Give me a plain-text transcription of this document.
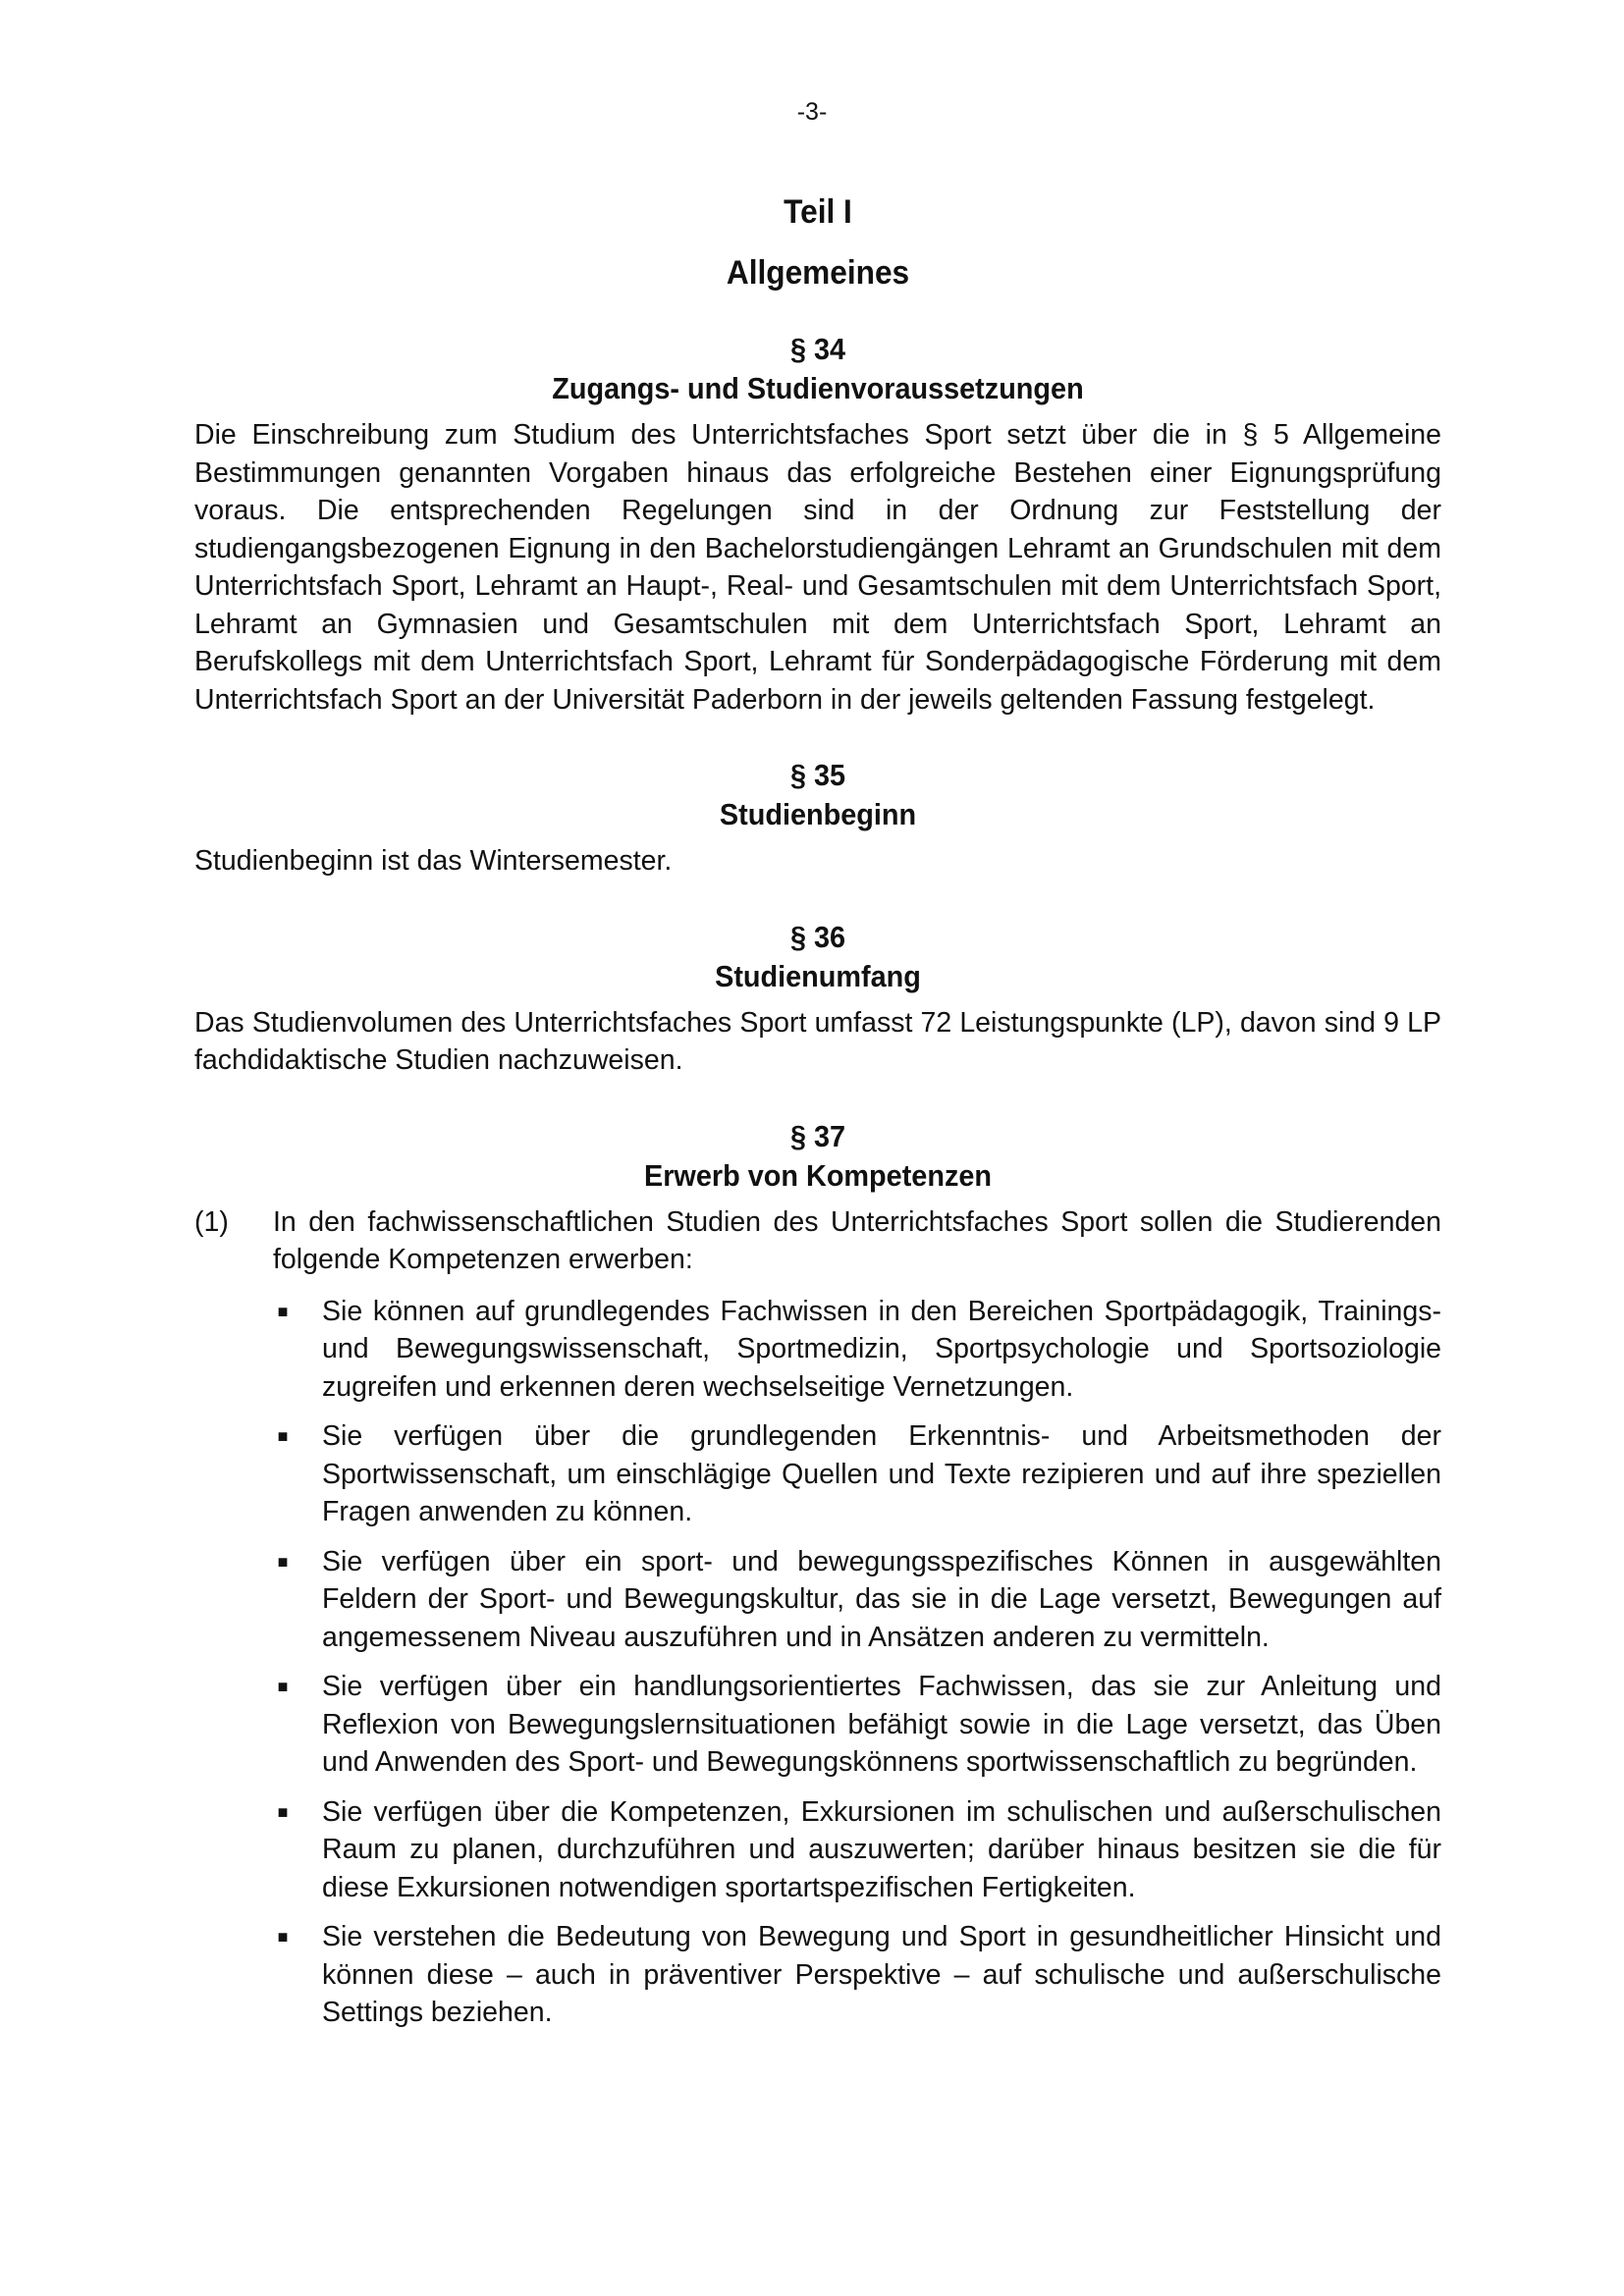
-3-
Teil I
Allgemeines
§ 34
Zugangs- und Studienvoraussetzungen

Die Einschreibung zum Studium des Unterrichtsfaches Sport setzt über die in § 5 Allgemeine Bestimmungen genannten Vorgaben hinaus das erfolgreiche Bestehen einer Eignungsprüfung voraus. Die entsprechenden Regelungen sind in der Ordnung zur Feststellung der studiengangsbezogenen Eignung in den Bachelorstudiengängen Lehramt an Grundschulen mit dem Unterrichtsfach Sport, Lehramt an Haupt-, Real- und Gesamtschulen mit dem Unterrichtsfach Sport, Lehramt an Gymnasien und Gesamtschulen mit dem Unterrichtsfach Sport, Lehramt an Berufskollegs mit dem Unterrichtsfach Sport, Lehramt für Sonderpädagogische Förderung mit dem Unterrichtsfach Sport an der Universität Paderborn in der jeweils geltenden Fassung festgelegt.

§ 35
Studienbeginn

Studienbeginn ist das Wintersemester.

§ 36
Studienumfang

Das Studienvolumen des Unterrichtsfaches Sport umfasst 72 Leistungspunkte (LP), davon sind 9 LP fachdidaktische Studien nachzuweisen.

§ 37
Erwerb von Kompetenzen

(1) In den fachwissenschaftlichen Studien des Unterrichtsfaches Sport sollen die Studierenden folgende Kompetenzen erwerben:

■ Sie können auf grundlegendes Fachwissen in den Bereichen Sportpädagogik, Trainings- und Bewegungswissenschaft, Sportmedizin, Sportpsychologie und Sportsoziologie zugreifen und erkennen deren wechselseitige Vernetzungen.
■ Sie verfügen über die grundlegenden Erkenntnis- und Arbeitsmethoden der Sportwissenschaft, um einschlägige Quellen und Texte rezipieren und auf ihre speziellen Fragen anwenden zu können.
■ Sie verfügen über ein sport- und bewegungsspezifisches Können in ausgewählten Feldern der Sport- und Bewegungskultur, das sie in die Lage versetzt, Bewegungen auf angemessenem Niveau auszuführen und in Ansätzen anderen zu vermitteln.
■ Sie verfügen über ein handlungsorientiertes Fachwissen, das sie zur Anleitung und Reflexion von Bewegungslernsituationen befähigt sowie in die Lage versetzt, das Üben und Anwenden des Sport- und Bewegungskönnens sportwissenschaftlich zu begründen.
■ Sie verfügen über die Kompetenzen, Exkursionen im schulischen und außerschulischen Raum zu planen, durchzuführen und auszuwerten; darüber hinaus besitzen sie die für diese Exkursionen notwendigen sportartspezifischen Fertigkeiten.
■ Sie verstehen die Bedeutung von Bewegung und Sport in gesundheitlicher Hinsicht und können diese – auch in präventiver Perspektive – auf schulische und außerschulische Settings beziehen.
